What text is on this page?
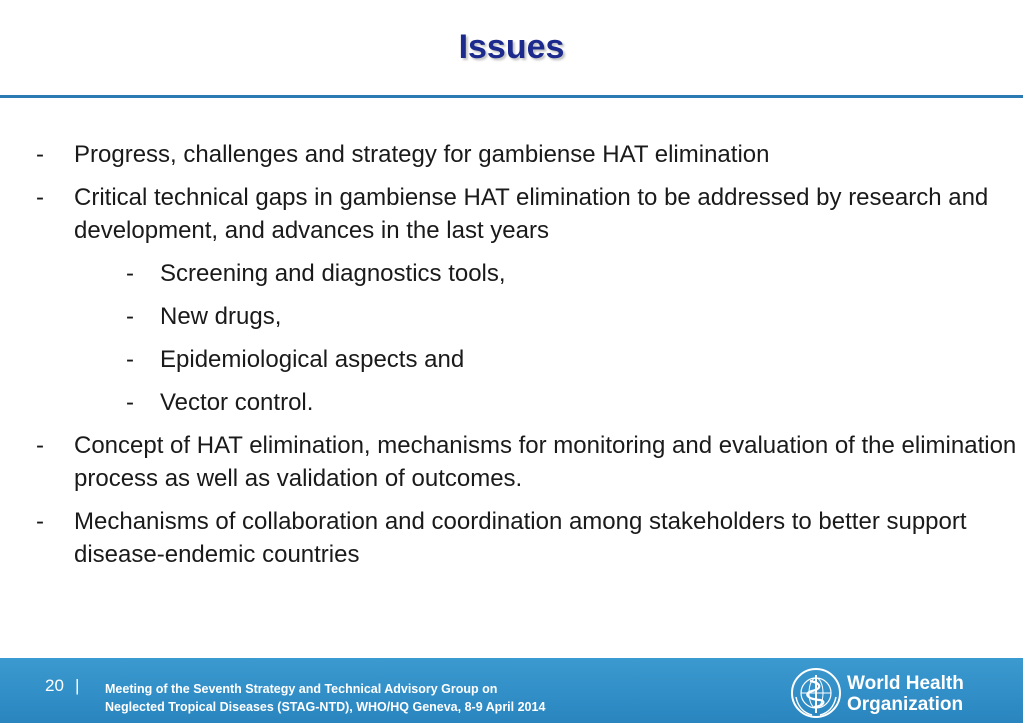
Issues
-	Progress, challenges and strategy for gambiense HAT elimination
-	Critical technical gaps in gambiense HAT elimination to be addressed by research and development, and advances in the last years
-	Screening and diagnostics tools,
-	New drugs,
-	Epidemiological aspects and
-	Vector control.
-	Concept of HAT elimination, mechanisms for monitoring and evaluation of the elimination process as well as validation of outcomes.
-	Mechanisms of collaboration and coordination among stakeholders to better support disease-endemic countries
20 | Meeting of the Seventh Strategy and Technical Advisory Group on
Neglected Tropical Diseases (STAG-NTD), WHO/HQ Geneva, 8-9 April 2014
World Health
Organization
